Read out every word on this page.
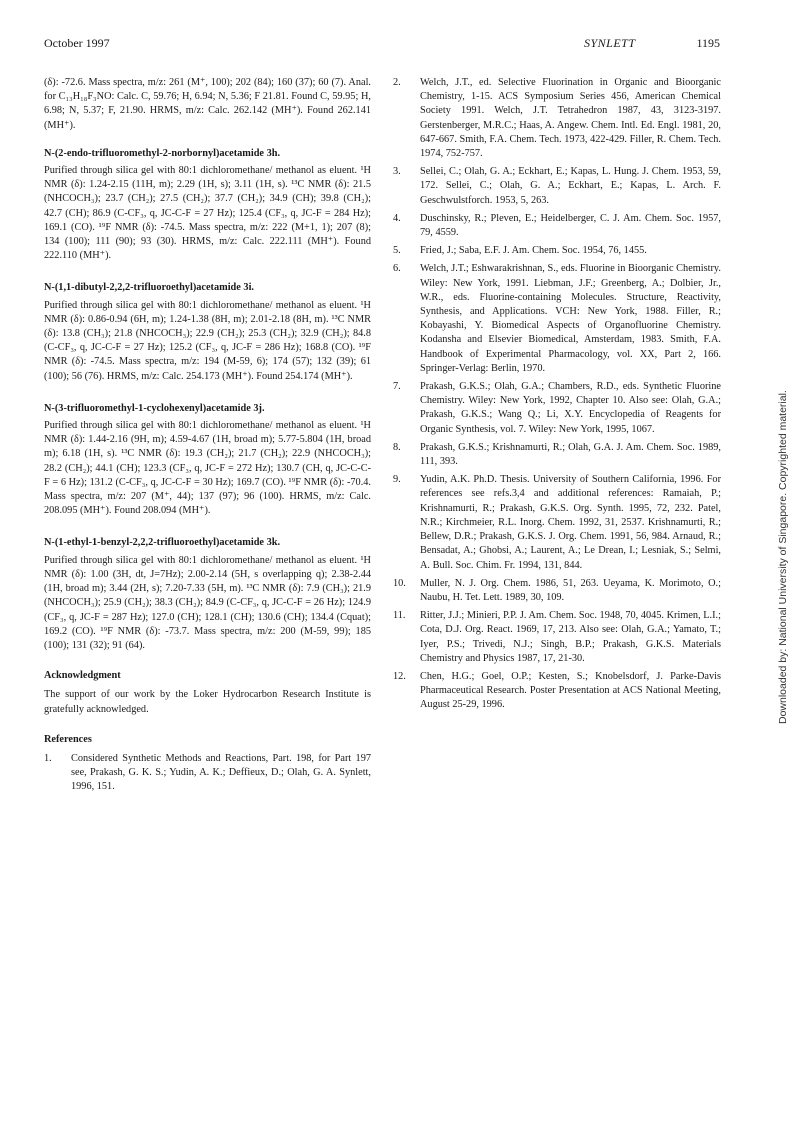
October 1997	SYNLETT	1195
(δ): -72.6. Mass spectra, m/z: 261 (M⁺, 100); 202 (84); 160 (37); 60 (7). Anal. for C₁₃H₁₈F₃NO: Calc. C, 59.76; H, 6.94; N, 5.36; F 21.81. Found C, 59.95; H, 6.98; N, 5.37; F, 21.90. HRMS, m/z: Calc. 262.142 (MH⁺). Found 262.141 (MH⁺).
N-(2-endo-trifluoromethyl-2-norbornyl)acetamide 3h.
Purified through silica gel with 80:1 dichloromethane/ methanol as eluent. ¹H NMR (δ): 1.24-2.15 (11H, m); 2.29 (1H, s); 3.11 (1H, s). ¹³C NMR (δ): 21.5 (NHCOCH₃); 23.7 (CH₂); 27.5 (CH₂); 37.7 (CH₂); 34.9 (CH); 39.8 (CH₂); 42.7 (CH); 86.9 (C-CF₃, q, JC-C-F = 27 Hz); 125.4 (CF₃, q, JC-F = 284 Hz); 169.1 (CO). ¹⁹F NMR (δ): -74.5. Mass spectra, m/z: 222 (M+1, 1); 207 (8); 134 (100); 111 (90); 93 (30). HRMS, m/z: Calc. 222.111 (MH⁺). Found 222.110 (MH⁺).
N-(1,1-dibutyl-2,2,2-trifluoroethyl)acetamide 3i.
Purified through silica gel with 80:1 dichloromethane/ methanol as eluent. ¹H NMR (δ): 0.86-0.94 (6H, m); 1.24-1.38 (8H, m); 2.01-2.18 (8H, m). ¹³C NMR (δ): 13.8 (CH₃); 21.8 (NHCOCH₃); 22.9 (CH₂); 25.3 (CH₂); 32.9 (CH₂); 84.8 (C-CF₃, q, JC-C-F = 27 Hz); 125.2 (CF₃, q, JC-F = 286 Hz); 168.8 (CO). ¹⁹F NMR (δ): -74.5. Mass spectra, m/z: 194 (M-59, 6); 174 (57); 132 (39); 61 (100); 56 (76). HRMS, m/z: Calc. 254.173 (MH⁺). Found 254.174 (MH⁺).
N-(3-trifluoromethyl-1-cyclohexenyl)acetamide 3j.
Purified through silica gel with 80:1 dichloromethane/ methanol as eluent. ¹H NMR (δ): 1.44-2.16 (9H, m); 4.59-4.67 (1H, broad m); 5.77-5.804 (1H, broad m); 6.18 (1H, s). ¹³C NMR (δ): 19.3 (CH₂); 21.7 (CH₂); 22.9 (NHCOCH₃); 28.2 (CH₂); 44.1 (CH); 123.3 (CF₃, q, JC-F = 272 Hz); 130.7 (CH, q, JC-C-C-F = 6 Hz); 131.2 (C-CF₃, q, JC-C-F = 30 Hz); 169.7 (CO). ¹⁹F NMR (δ): -70.4. Mass spectra, m/z: 207 (M⁺, 44); 137 (97); 96 (100). HRMS, m/z: Calc. 208.095 (MH⁺). Found 208.094 (MH⁺).
N-(1-ethyl-1-benzyl-2,2,2-trifluoroethyl)acetamide 3k.
Purified through silica gel with 80:1 dichloromethane/ methanol as eluent. ¹H NMR (δ): 1.00 (3H, dt, J=7Hz); 2.00-2.14 (5H, s overlapping q); 2.38-2.44 (1H, broad m); 3.44 (2H, s); 7.20-7.33 (5H, m). ¹³C NMR (δ): 7.9 (CH₃); 21.9 (NHCOCH₃); 25.9 (CH₂); 38.3 (CH₂); 84.9 (C-CF₃, q, JC-C-F = 26 Hz); 124.9 (CF₃, q, JC-F = 287 Hz); 127.0 (CH); 128.1 (CH); 130.6 (CH); 134.4 (Cquat); 169.2 (CO). ¹⁹F NMR (δ): -73.7. Mass spectra, m/z: 200 (M-59, 99); 185 (100); 131 (32); 91 (64).
Acknowledgment
The support of our work by the Loker Hydrocarbon Research Institute is gratefully acknowledged.
References
1. Considered Synthetic Methods and Reactions, Part. 198, for Part 197 see, Prakash, G. K. S.; Yudin, A. K.; Deffieux, D.; Olah, G. A. Synlett, 1996, 151.
2. Welch, J.T., ed. Selective Fluorination in Organic and Bioorganic Chemistry, 1-15. ACS Symposium Series 456, American Chemical Society 1991. Welch, J.T. Tetrahedron 1987, 43, 3123-3197. Gerstenberger, M.R.C.; Haas, A. Angew. Chem. Intl. Ed. Engl. 1981, 20, 647-667. Smith, F.A. Chem. Tech. 1973, 422-429. Filler, R. Chem. Tech. 1974, 752-757.
3. Sellei, C.; Olah, G. A.; Eckhart, E.; Kapas, L. Hung. J. Chem. 1953, 59, 172. Sellei, C.; Olah, G. A.; Eckhart, E.; Kapas, L. Arch. F. Geschwulstforch. 1953, 5, 263.
4. Duschinsky, R.; Pleven, E.; Heidelberger, C. J. Am. Chem. Soc. 1957, 79, 4559.
5. Fried, J.; Saba, E.F. J. Am. Chem. Soc. 1954, 76, 1455.
6. Welch, J.T.; Eshwarakrishnan, S., eds. Fluorine in Bioorganic Chemistry. Wiley: New York, 1991. Liebman, J.F.; Greenberg, A.; Dolbier, Jr., W.R., eds. Fluorine-containing Molecules. Structure, Reactivity, Synthesis, and Applications. VCH: New York, 1988. Filler, R.; Kobayashi, Y. Biomedical Aspects of Organofluorine Chemistry. Kodansha and Elsevier Biomedical, Amsterdam, 1983. Smith, F.A. Handbook of Experimental Pharmacology, vol. XX, Part 2, 166. Springer-Verlag: Berlin, 1970.
7. Prakash, G.K.S.; Olah, G.A.; Chambers, R.D., eds. Synthetic Fluorine Chemistry. Wiley: New York, 1992, Chapter 10. Also see: Olah, G.A.; Prakash, G.K.S.; Wang Q.; Li, X.Y. Encyclopedia of Reagents for Organic Synthesis, vol. 7. Wiley: New York, 1995, 1067.
8. Prakash, G.K.S.; Krishnamurti, R.; Olah, G.A. J. Am. Chem. Soc. 1989, 111, 393.
9. Yudin, A.K. Ph.D. Thesis. University of Southern California, 1996. For references see refs.3,4 and additional references: Ramaiah, P.; Krishnamurti, R.; Prakash, G.K.S. Org. Synth. 1995, 72, 232. Patel, N.R.; Kirchmeier, R.L. Inorg. Chem. 1992, 31, 2537. Krishnamurti, R.; Bellew, D.R.; Prakash, G.K.S. J. Org. Chem. 1991, 56, 984. Arnaud, R.; Bensadat, A.; Ghobsi, A.; Laurent, A.; Le Drean, I.; Lesniak, S.; Selmi, A. Bull. Soc. Chim. Fr. 1994, 131, 844.
10. Muller, N. J. Org. Chem. 1986, 51, 263. Ueyama, K. Morimoto, O.; Naubu, H. Tet. Lett. 1989, 30, 109.
11. Ritter, J.J.; Minieri, P.P. J. Am. Chem. Soc. 1948, 70, 4045. Krimen, L.I.; Cota, D.J. Org. React. 1969, 17, 213. Also see: Olah, G.A.; Yamato, T.; Iyer, P.S.; Trivedi, N.J.; Singh, B.P.; Prakash, G.K.S. Materials Chemistry and Physics 1987, 17, 21-30.
12. Chen, H.G.; Goel, O.P.; Kesten, S.; Knobelsdorf, J. Parke-Davis Pharmaceutical Research. Poster Presentation at ACS National Meeting, August 25-29, 1996.	Downloaded by: National University of Singapore. Copyrighted material.
